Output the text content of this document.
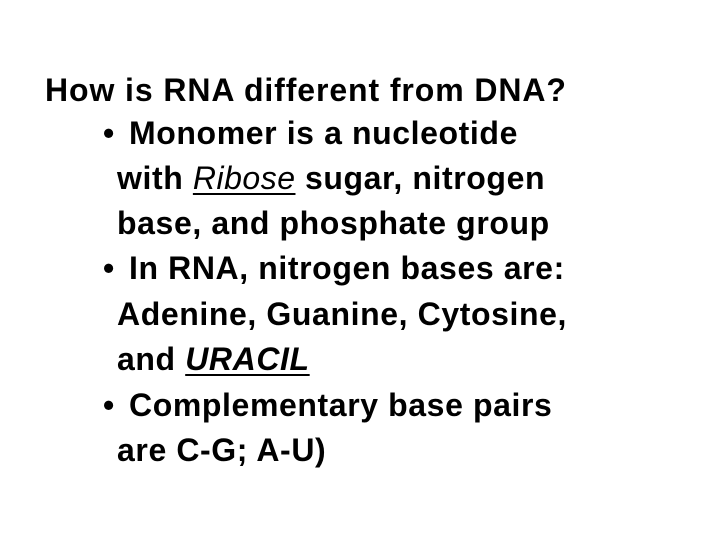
How is RNA different from DNA?
• Monomer is a nucleotide
with Ribose sugar, nitrogen
base, and phosphate group
• In RNA, nitrogen bases are:
Adenine, Guanine, Cytosine,
and URACIL
• Complementary base pairs
are C-G; A-U)
